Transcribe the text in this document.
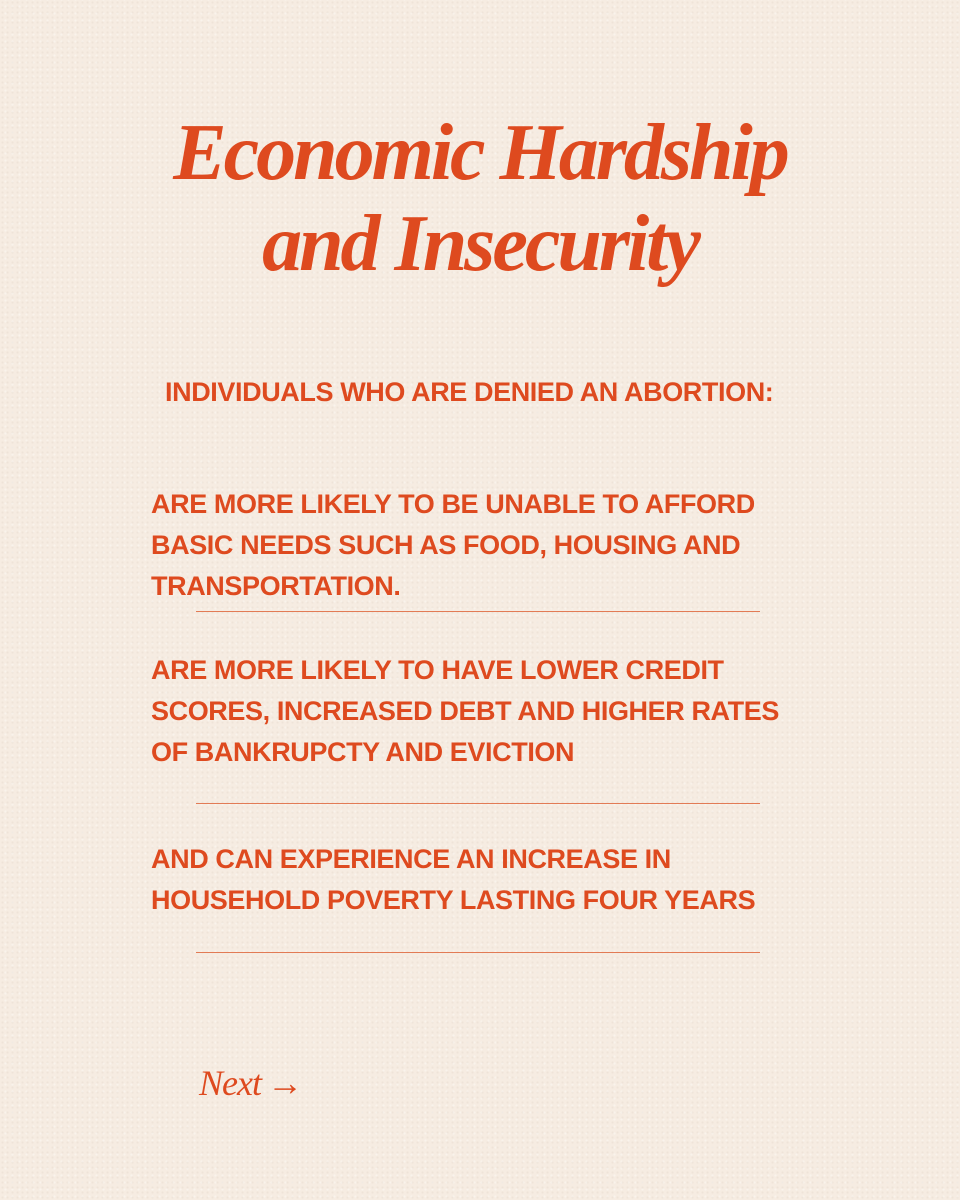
Economic Hardship
and Insecurity
INDIVIDUALS WHO ARE DENIED AN ABORTION:

ARE MORE LIKELY TO BE UNABLE TO AFFORD
BASIC NEEDS SUCH AS FOOD, HOUSING AND
TRANSPORTATION.

ARE MORE LIKELY TO HAVE LOWER CREDIT
SCORES, INCREASED DEBT AND HIGHER RATES
OF BANKRUPCTY AND EVICTION

AND CAN EXPERIENCE AN INCREASE IN
HOUSEHOLD POVERTY LASTING FOUR YEARS

Next →
